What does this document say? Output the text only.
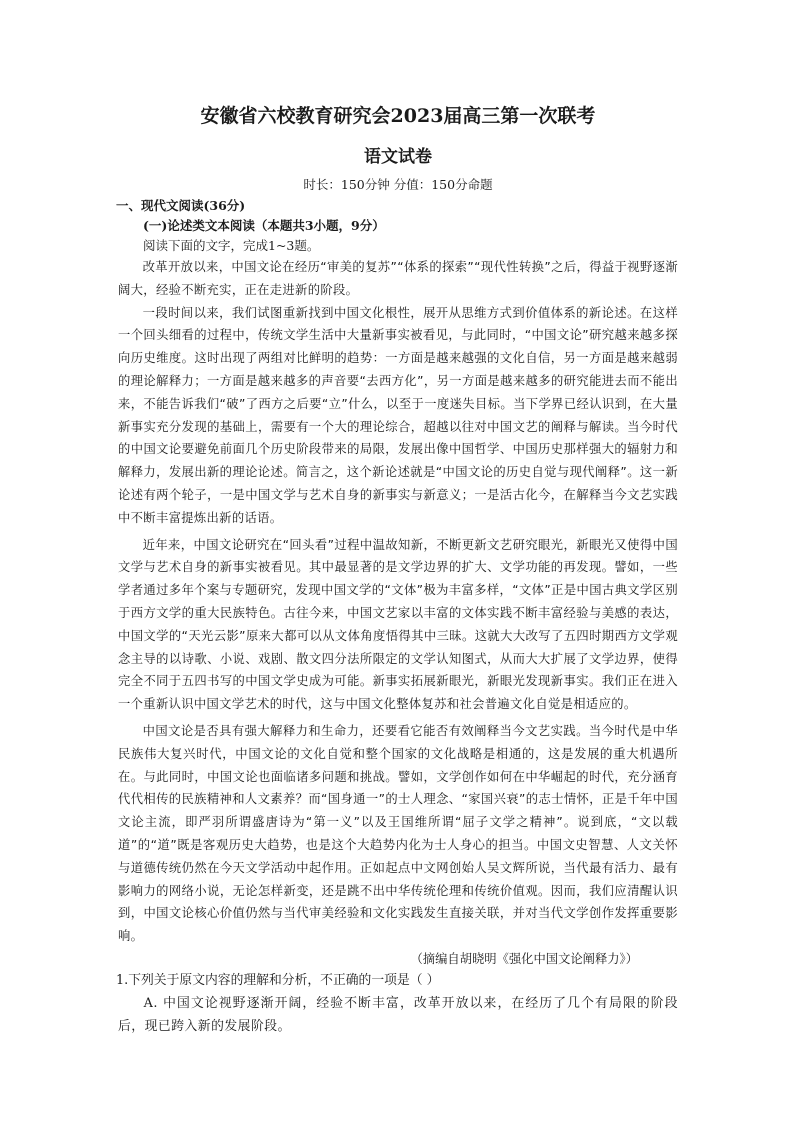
安徽省六校教育研究会2023届高三第一次联考
语文试卷
时长：150分钟 分值：150分命题
一、现代文阅读(36分)
(一)论述类文本阅读（本题共3小题，9分）
阅读下面的文字，完成1~3题。

改革开放以来，中国文论在经历“审美的复苏”“体系的探索”“现代性转换”之后，得益于视野逐渐阔大，经验不断充实，正在走进新的阶段。

一段时间以来，我们试图重新找到中国文化根性，展开从思维方式到价值体系的新论述。在这样一个回头细看的过程中，传统文学生活中大量新事实被看见，与此同时，“中国文论”研究越来越多探向历史维度。这时出现了两组对比鲜明的趋势：一方面是越来越强的文化自信，另一方面是越来越弱的理论解释力；一方面是越来越多的声音要“去西方化”，另一方面是越来越多的研究能进去而不能出来，不能告诉我们“破”了西方之后要“立”什么，以至于一度迷失目标。当下学界已经认识到，在大量新事实充分发现的基础上，需要有一个大的理论综合，超越以往对中国文艺的阐释与解读。当今时代的中国文论要避免前面几个历史阶段带来的局限，发展出像中国哲学、中国历史那样强大的辐射力和解释力，发展出新的理论论述。简言之，这个新论述就是“中国文论的历史自觉与现代阐释”。这一新论述有两个轮子，一是中国文学与艺术自身的新事实与新意义；一是活古化今，在解释当今文艺实践中不断丰富提炼出新的话语。

近年来，中国文论研究在“回头看”过程中温故知新，不断更新文艺研究眼光，新眼光又使得中国文学与艺术自身的新事实被看见。其中最显著的是文学边界的扩大、文学功能的再发现。譬如，一些学者通过多年个案与专题研究，发现中国文学的“文体”极为丰富多样，“文体”正是中国古典文学区别于西方文学的重大民族特色。古往今来，中国文艺家以丰富的文体实践不断丰富经验与美感的表达，中国文学的“天光云影”原来大都可以从文体角度悟得其中三昧。这就大大改写了五四时期西方文学观念主导的以诗歌、小说、戏剧、散文四分法所限定的文学认知图式，从而大大扩展了文学边界，使得完全不同于五四书写的中国文学史成为可能。新事实拓展新眼光，新眼光发现新事实。我们正在进入一个重新认识中国文学艺术的时代，这与中国文化整体复苏和社会普遍文化自觉是相适应的。

中国文论是否具有强大解释力和生命力，还要看它能否有效阐释当今文艺实践。当今时代是中华民族伟大复兴时代，中国文论的文化自觉和整个国家的文化战略是相通的，这是发展的重大机遇所在。与此同时，中国文论也面临诸多问题和挑战。譬如，文学创作如何在中华崛起的时代，充分涵育代代相传的民族精神和人文素养？而“国身通一”的士人理念、“家国兴衰”的志士情怀，正是千年中国文论主流，即严羽所谓盛唐诗为“第一义”以及王国维所谓“屈子文学之精神”。说到底，“文以载道”的“道”既是客观历史大趋势，也是这个大趋势内化为士人身心的担当。中国文史智慧、人文关怀与道德传统仍然在今天文学活动中起作用。正如起点中文网创始人吴文辉所说，当代最有活力、最有影响力的网络小说，无论怎样新变，还是跳不出中华传统伦理和传统价值观。因而，我们应清醒认识到，中国文论核心价值仍然与当代审美经验和文化实践发生直接关联，并对当代文学创作发挥重要影响。

（摘编自胡晓明《强化中国文论阐释力》）
1.下列关于原文内容的理解和分析，不正确的一项是（ ）
A. 中国文论视野逐渐开阔，经验不断丰富，改革开放以来，在经历了几个有局限的阶段后，现已跨入新的发展阶段。
